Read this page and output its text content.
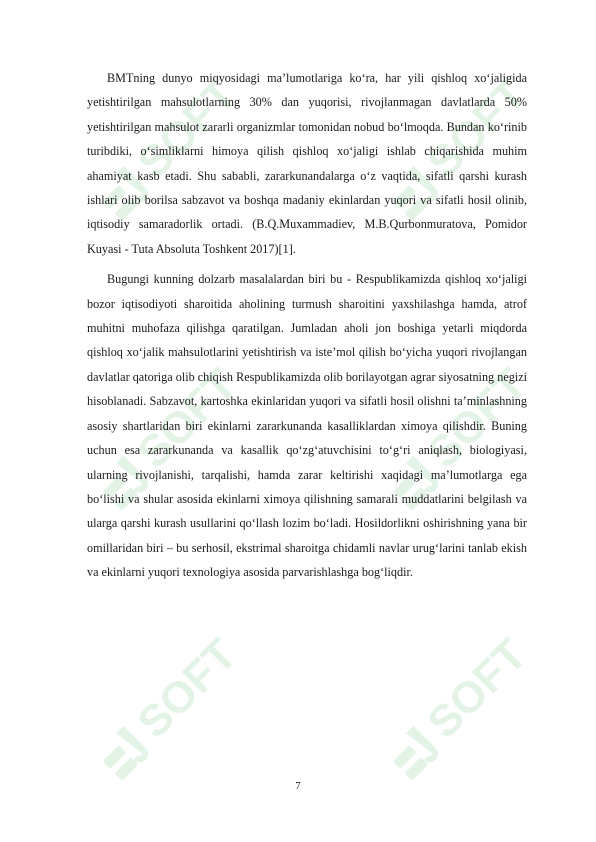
SOFT	SOFT
SOFT	SOFT
SOFT	SOFT

BMTning dunyo miqyosidagi ma’lumotlariga ko‘ra, har yili qishloq xo‘jaligida yetishtirilgan mahsulotlarning 30% dan yuqorisi, rivojlanmagan davlatlarda 50% yetishtirilgan mahsulot zararli organizmlar tomonidan nobud bo‘lmoqda. Bundan ko‘rinib turibdiki, o‘simliklarni himoya qilish qishloq xo‘jaligi ishlab chiqarishida muhim ahamiyat kasb etadi. Shu sababli, zararkunandalarga o‘z vaqtida, sifatli qarshi kurash ishlari olib borilsa sabzavot va boshqa madaniy ekinlardan yuqori va sifatli hosil olinib, iqtisodiy samaradorlik ortadi. (B.Q.Muxammadiev, M.B.Qurbonmuratova, Pomidor Kuyasi - Tuta Absoluta Toshkent 2017)[1].

Bugungi kunning dolzarb masalalardan biri bu - Respublikamizda qishloq xo‘jaligi bozor iqtisodiyoti sharoitida aholining turmush sharoitini yaxshilashga hamda, atrof muhitni muhofaza qilishga qaratilgan. Jumladan aholi jon boshiga yetarli miqdorda qishloq xo‘jalik mahsulotlarini yetishtirish va iste’mol qilish bo‘yicha yuqori rivojlangan davlatlar qatoriga olib chiqish Respublikamizda olib borilayotgan agrar siyosatning negizi hisoblanadi. Sabzavot, kartoshka ekinlaridan yuqori va sifatli hosil olishni ta’minlashning asosiy shartlaridan biri ekinlarni zararkunanda kasalliklardan ximoya qilishdir. Buning uchun esa zararkunanda va kasallik qo‘zg‘atuvchisini to‘g‘ri aniqlash, biologiyasi, ularning rivojlanishi, tarqalishi, hamda zarar keltirishi xaqidagi ma’lumotlarga ega bo‘lishi va shular asosida ekinlarni ximoya qilishning samarali muddatlarini belgilash va ularga qarshi kurash usullarini qo‘llash lozim bo‘ladi. Hosildorlikni oshirishning yana bir omillaridan biri – bu serhosil, ekstrimal sharoitga chidamli navlar urug‘larini tanlab ekish va ekinlarni yuqori texnologiya asosida parvarishlashga bog‘liqdir.

7
